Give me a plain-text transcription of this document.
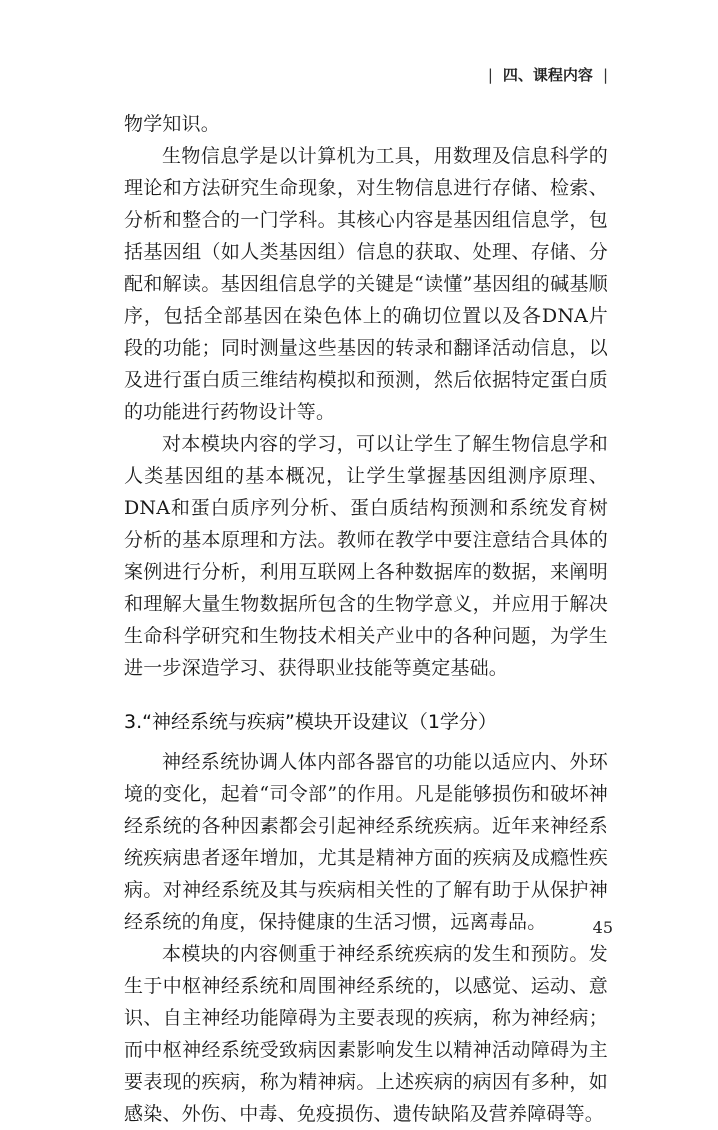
| 四、课程内容 |

物学知识。

生物信息学是以计算机为工具，用数理及信息科学的理论和方法研究生命现象，对生物信息进行存储、检索、分析和整合的一门学科。其核心内容是基因组信息学，包括基因组（如人类基因组）信息的获取、处理、存储、分配和解读。基因组信息学的关键是“读懂”基因组的碱基顺序，包括全部基因在染色体上的确切位置以及各DNA片段的功能；同时测量这些基因的转录和翻译活动信息，以及进行蛋白质三维结构模拟和预测，然后依据特定蛋白质的功能进行药物设计等。

对本模块内容的学习，可以让学生了解生物信息学和人类基因组的基本概况，让学生掌握基因组测序原理、DNA和蛋白质序列分析、蛋白质结构预测和系统发育树分析的基本原理和方法。教师在教学中要注意结合具体的案例进行分析，利用互联网上各种数据库的数据，来阐明和理解大量生物数据所包含的生物学意义，并应用于解决生命科学研究和生物技术相关产业中的各种问题，为学生进一步深造学习、获得职业技能等奠定基础。

3.“神经系统与疾病”模块开设建议（1学分）

神经系统协调人体内部各器官的功能以适应内、外环境的变化，起着“司令部”的作用。凡是能够损伤和破坏神经系统的各种因素都会引起神经系统疾病。近年来神经系统疾病患者逐年增加，尤其是精神方面的疾病及成瘾性疾病。对神经系统及其与疾病相关性的了解有助于从保护神经系统的角度，保持健康的生活习惯，远离毒品。

本模块的内容侧重于神经系统疾病的发生和预防。发生于中枢神经系统和周围神经系统的，以感觉、运动、意识、自主神经功能障碍为主要表现的疾病，称为神经病；而中枢神经系统受致病因素影响发生以精神活动障碍为主要表现的疾病，称为精神病。上述疾病的病因有多种，如感染、外伤、中毒、免疫损伤、遗传缺陷及营养障碍等。

45
